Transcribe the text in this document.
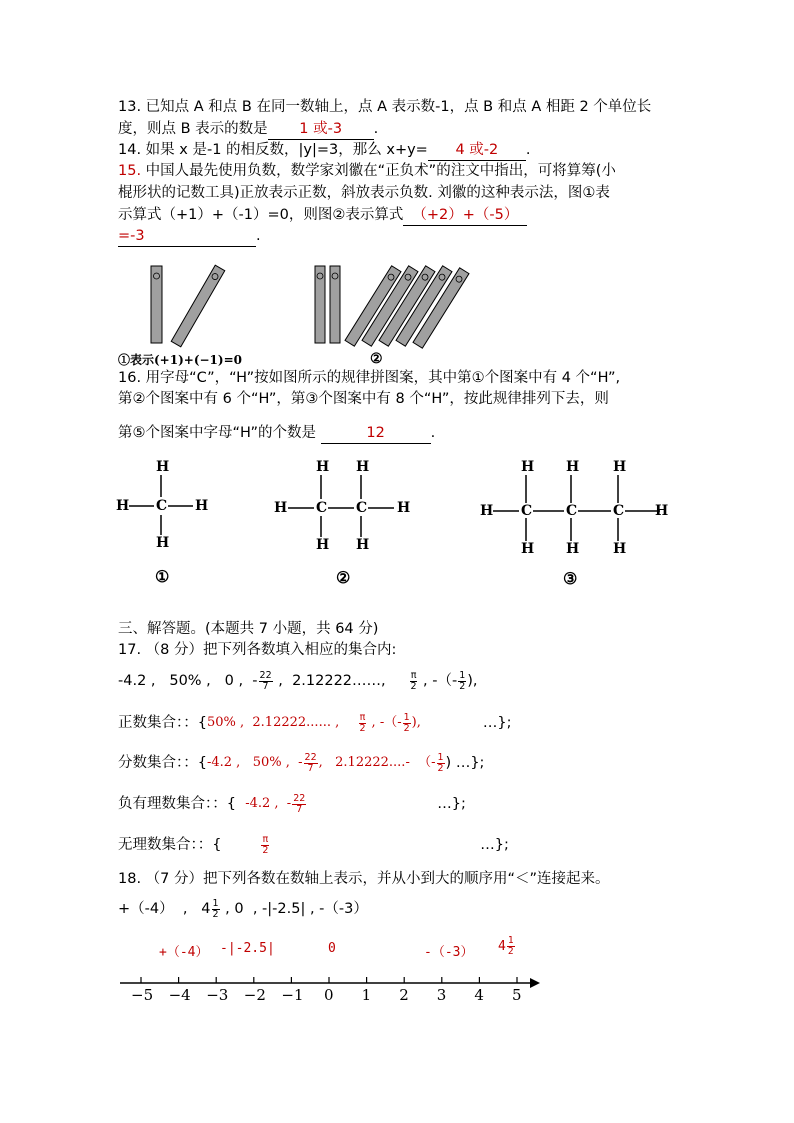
13. 已知点 A 和点 B 在同一数轴上，点 A 表示数-1，点 B 和点 A 相距 2 个单位长
度，则点 B 表示的数是 1 或-3 .
14. 如果 x 是-1 的相反数，|y|=3，那么 x+y= 4 或-2 .
15. 中国人最先使用负数，数学家刘徽在“正负术”的注文中指出，可将算筹(小
棍形状的记数工具)正放表示正数，斜放表示负数. 刘徽的这种表示法，图①表
示算式（+1）+（-1）=0，则图②表示算式 （+2）+（-5）
=-3	.
①表示(+1)+(−1)=0	②
16. 用字母“C”，“H”按如图所示的规律拼图案，其中第①个图案中有 4 个“H”,
第②个图案中有 6 个“H”，第③个图案中有 8 个“H”，按此规律排列下去，则
第⑤个图案中字母“H”的个数是	12	.
H
H C H
H
①
H H
H C C H
H H
②
H H H
H C C	C H
H H H
③
三、解答题。(本题共 7 小题，共 64 分)
17. （8 分）把下列各数填入相应的集合内:
-4.2 , 50% , 0 , - $\frac{22}{7}$ , 2.12222……,
	$\frac{\pi}{2}$ , -（- $\frac{1}{2}$ ),
正数集合：：{ 50% ,  2.12222...... ,
$\frac{\pi}{2}$ , -（- $\frac{1}{2}$ ),	…};
分数集合：：{ -4.2 ,   50% ,  - $\frac{22}{7}$ ,   2.12222....-  （- $\frac{1}{2}$ ) …};
负有理数集合：：{
-4.2 ,  - $\frac{22}{7}$	…};
无理数集合：：{	$\frac{\pi}{2}$	…};
18. （7 分）把下列各数在数轴上表示，并从小到大的顺序用“＜”连接起来。
+（-4）  ,   $4 \frac{1}{2}$ , 0  , -|-2.5| , -（-3）
+（-4） -|-2.5|	0	-（-3） $4 \frac{1}{2}$
−5 −4 −3 −2 −1 0 1 2 3 4 5
